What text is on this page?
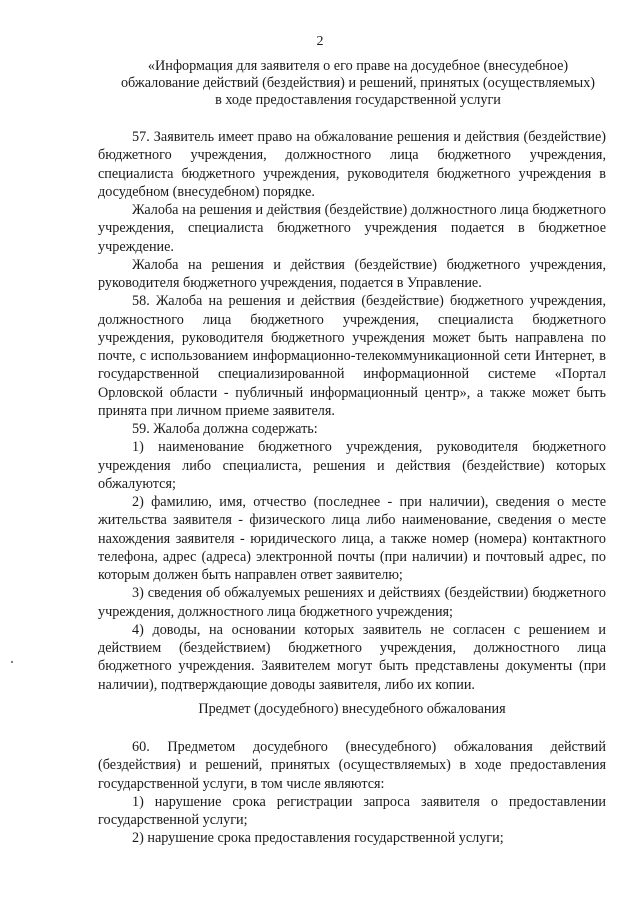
2
«Информация для заявителя о его праве на досудебное (внесудебное) обжалование действий (бездействия) и решений, принятых (осуществляемых) в ходе предоставления государственной услуги

57. Заявитель имеет право на обжалование решения и действия (бездействие) бюджетного учреждения, должностного лица бюджетного учреждения, специалиста бюджетного учреждения, руководителя бюджетного учреждения в досудебном (внесудебном) порядке.

Жалоба на решения и действия (бездействие) должностного лица бюджетного учреждения, специалиста бюджетного учреждения подается в бюджетное учреждение.

Жалоба на решения и действия (бездействие) бюджетного учреждения, руководителя бюджетного учреждения, подается в Управление.

58. Жалоба на решения и действия (бездействие) бюджетного учреждения, должностного лица бюджетного учреждения, специалиста бюджетного учреждения, руководителя бюджетного учреждения может быть направлена по почте, с использованием информационно-телекоммуникационной сети Интернет, в государственной специализированной информационной системе «Портал Орловской области - публичный информационный центр», а также может быть принята при личном приеме заявителя.

59. Жалоба должна содержать:

1) наименование бюджетного учреждения, руководителя бюджетного учреждения либо специалиста, решения и действия (бездействие) которых обжалуются;

2) фамилию, имя, отчество (последнее - при наличии), сведения о месте жительства заявителя - физического лица либо наименование, сведения о месте нахождения заявителя - юридического лица, а также номер (номера) контактного телефона, адрес (адреса) электронной почты (при наличии) и почтовый адрес, по которым должен быть направлен ответ заявителю;

3) сведения об обжалуемых решениях и действиях (бездействии) бюджетного учреждения, должностного лица бюджетного учреждения;

4) доводы, на основании которых заявитель не согласен с решением и действием (бездействием) бюджетного учреждения, должностного лица бюджетного учреждения. Заявителем могут быть представлены документы (при наличии), подтверждающие доводы заявителя, либо их копии.

Предмет (досудебного) внесудебного обжалования

60. Предметом досудебного (внесудебного) обжалования действий (бездействия) и решений, принятых (осуществляемых) в ходе предоставления государственной услуги, в том числе являются:

1) нарушение срока регистрации запроса заявителя о предоставлении государственной услуги;

2) нарушение срока предоставления государственной услуги;
